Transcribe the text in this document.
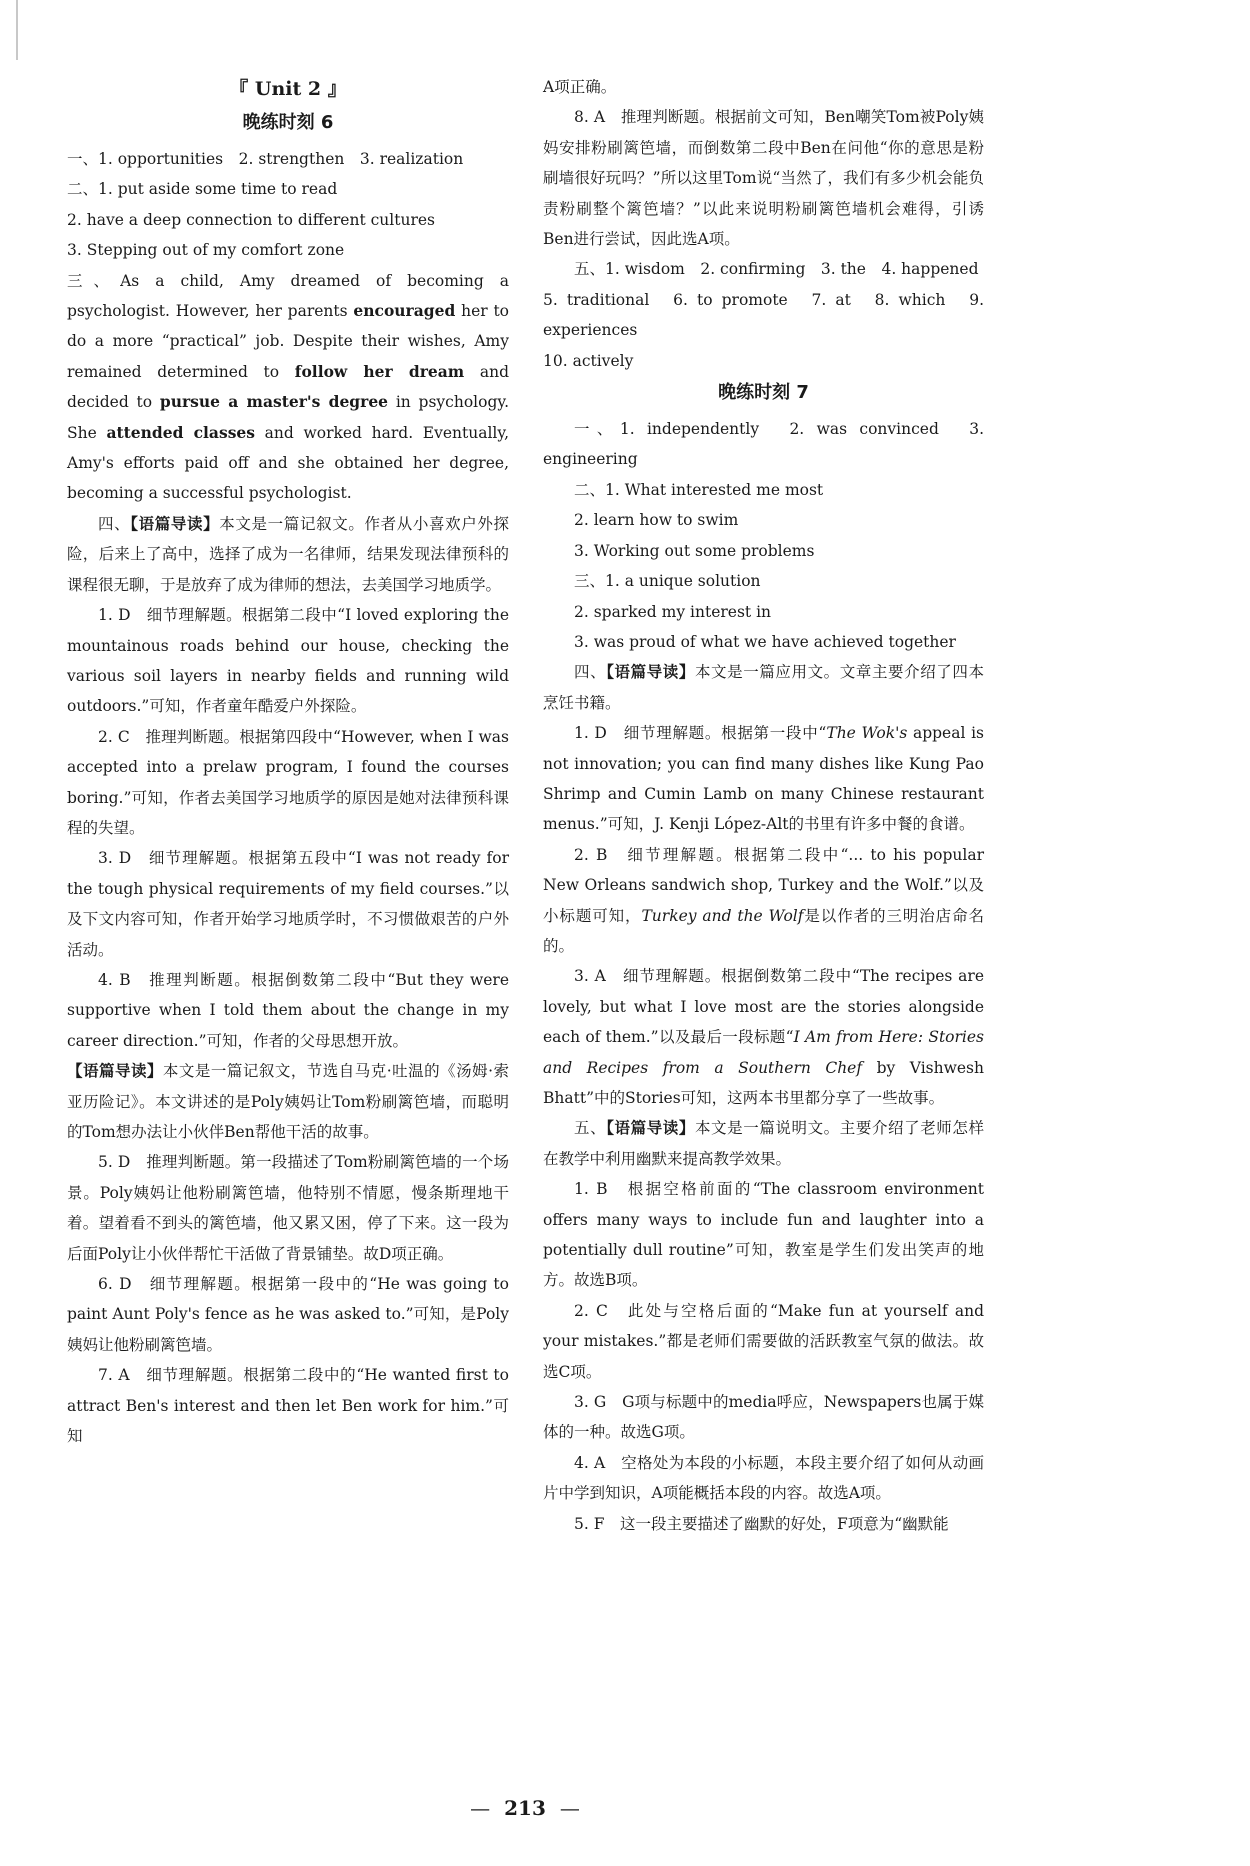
『 Unit 2 』

晚练时刻 6

一、1. opportunities　2. strengthen　3. realization

二、1. put aside some time to read

2. have a deep connection to different cultures

3. Stepping out of my comfort zone

三、As a child, Amy dreamed of becoming a psychologist. However, her parents encouraged her to do a more “practical” job. Despite their wishes, Amy remained determined to follow her dream and decided to pursue a master's degree in psychology. She attended classes and worked hard. Eventually, Amy's efforts paid off and she obtained her degree, becoming a successful psychologist.

四、【语篇导读】本文是一篇记叙文。作者从小喜欢户外探险，后来上了高中，选择了成为一名律师，结果发现法律预科的课程很无聊，于是放弃了成为律师的想法，去美国学习地质学。

1. D　细节理解题。根据第二段中“I loved exploring the mountainous roads behind our house, checking the various soil layers in nearby fields and running wild outdoors.”可知，作者童年酷爱户外探险。

2. C　推理判断题。根据第四段中“However, when I was accepted into a prelaw program, I found the courses boring.”可知，作者去美国学习地质学的原因是她对法律预科课程的失望。

3. D　细节理解题。根据第五段中“I was not ready for the tough physical requirements of my field courses.”以及下文内容可知，作者开始学习地质学时，不习惯做艰苦的户外活动。

4. B　推理判断题。根据倒数第二段中“But they were supportive when I told them about the change in my career direction.”可知，作者的父母思想开放。

【语篇导读】本文是一篇记叙文，节选自马克·吐温的《汤姆·索亚历险记》。本文讲述的是Poly姨妈让Tom粉刷篱笆墙，而聪明的Tom想办法让小伙伴Ben帮他干活的故事。

5. D　推理判断题。第一段描述了Tom粉刷篱笆墙的一个场景。Poly姨妈让他粉刷篱笆墙，他特别不情愿，慢条斯理地干着。望着看不到头的篱笆墙，他又累又困，停了下来。这一段为后面Poly让小伙伴帮忙干活做了背景铺垫。故D项正确。

6. D　细节理解题。根据第一段中的“He was going to paint Aunt Poly's fence as he was asked to.”可知，是Poly姨妈让他粉刷篱笆墙。

7. A　细节理解题。根据第二段中的“He wanted first to attract Ben's interest and then let Ben work for him.”可知

A项正确。

8. A　推理判断题。根据前文可知，Ben嘲笑Tom被Poly姨妈安排粉刷篱笆墙，而倒数第二段中Ben在问他“你的意思是粉刷墙很好玩吗？”所以这里Tom说“当然了，我们有多少机会能负责粉刷整个篱笆墙？”以此来说明粉刷篱笆墙机会难得，引诱Ben进行尝试，因此选A项。

五、1. wisdom　2. confirming　3. the　4. happened

5. traditional　6. to promote　7. at　8. which　9. experiences

10. actively

晚练时刻 7

一、1. independently　2. was convinced　3. engineering

二、1. What interested me most

2. learn how to swim

3. Working out some problems

三、1. a unique solution

2. sparked my interest in

3. was proud of what we have achieved together

四、【语篇导读】本文是一篇应用文。文章主要介绍了四本烹饪书籍。

1. D　细节理解题。根据第一段中“The Wok's appeal is not innovation; you can find many dishes like Kung Pao Shrimp and Cumin Lamb on many Chinese restaurant menus.”可知，J. Kenji López-Alt的书里有许多中餐的食谱。

2. B　细节理解题。根据第二段中“... to his popular New Orleans sandwich shop, Turkey and the Wolf.”以及小标题可知，Turkey and the Wolf是以作者的三明治店命名的。

3. A　细节理解题。根据倒数第二段中“The recipes are lovely, but what I love most are the stories alongside each of them.”以及最后一段标题“I Am from Here: Stories and Recipes from a Southern Chef by Vishwesh Bhatt”中的Stories可知，这两本书里都分享了一些故事。

五、【语篇导读】本文是一篇说明文。主要介绍了老师怎样在教学中利用幽默来提高教学效果。

1. B　根据空格前面的“The classroom environment offers many ways to include fun and laughter into a potentially dull routine”可知，教室是学生们发出笑声的地方。故选B项。

2. C　此处与空格后面的“Make fun at yourself and your mistakes.”都是老师们需要做的活跃教室气氛的做法。故选C项。

3. G　G项与标题中的media呼应，Newspapers也属于媒体的一种。故选G项。

4. A　空格处为本段的小标题，本段主要介绍了如何从动画片中学到知识，A项能概括本段的内容。故选A项。

5. F　这一段主要描述了幽默的好处，F项意为“幽默能

— 213 —
